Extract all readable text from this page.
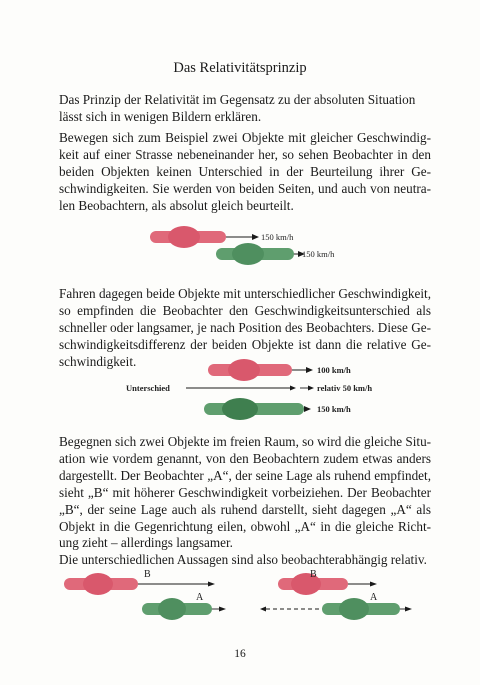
Das Relativitätsprinzip
Das Prinzip der Relativität im Gegensatz zu der absoluten Situation
lässt sich in wenigen Bildern erklären.
Bewegen sich zum Beispiel zwei Objekte mit gleicher Geschwindig-
keit auf einer Strasse nebeneinander her, so sehen Beobachter in den
beiden Objekten keinen Unterschied in der Beurteilung ihrer Ge-
schwindigkeiten. Sie werden von beiden Seiten, und auch von neutra-
len Beobachtern, als absolut gleich beurteilt.
150 km/h
150 km/h
Fahren dagegen beide Objekte mit unterschiedlicher Geschwindigkeit,
so empfinden die Beobachter den Geschwindigkeitsunterschied als
schneller oder langsamer, je nach Position des Beobachters. Diese Ge-
schwindigkeitsdifferenz der beiden Objekte ist dann die relative Ge-
schwindigkeit.
100 km/h
Unterschied	relativ 50 km/h
150 km/h
Begegnen sich zwei Objekte im freien Raum, so wird die gleiche Situ-
ation wie vordem genannt, von den Beobachtern zudem etwas anders
dargestellt. Der Beobachter „A“, der seine Lage als ruhend empfindet,
sieht „B“ mit höherer Geschwindigkeit vorbeiziehen. Der Beobachter
„B“, der seine Lage auch als ruhend darstellt, sieht dagegen „A“ als
Objekt in die Gegenrichtung eilen, obwohl „A“ in die gleiche Richt-
ung zieht – allerdings langsamer.
Die unterschiedlichen Aussagen sind also beobachterabhängig relativ.
B
A
B
A
16
